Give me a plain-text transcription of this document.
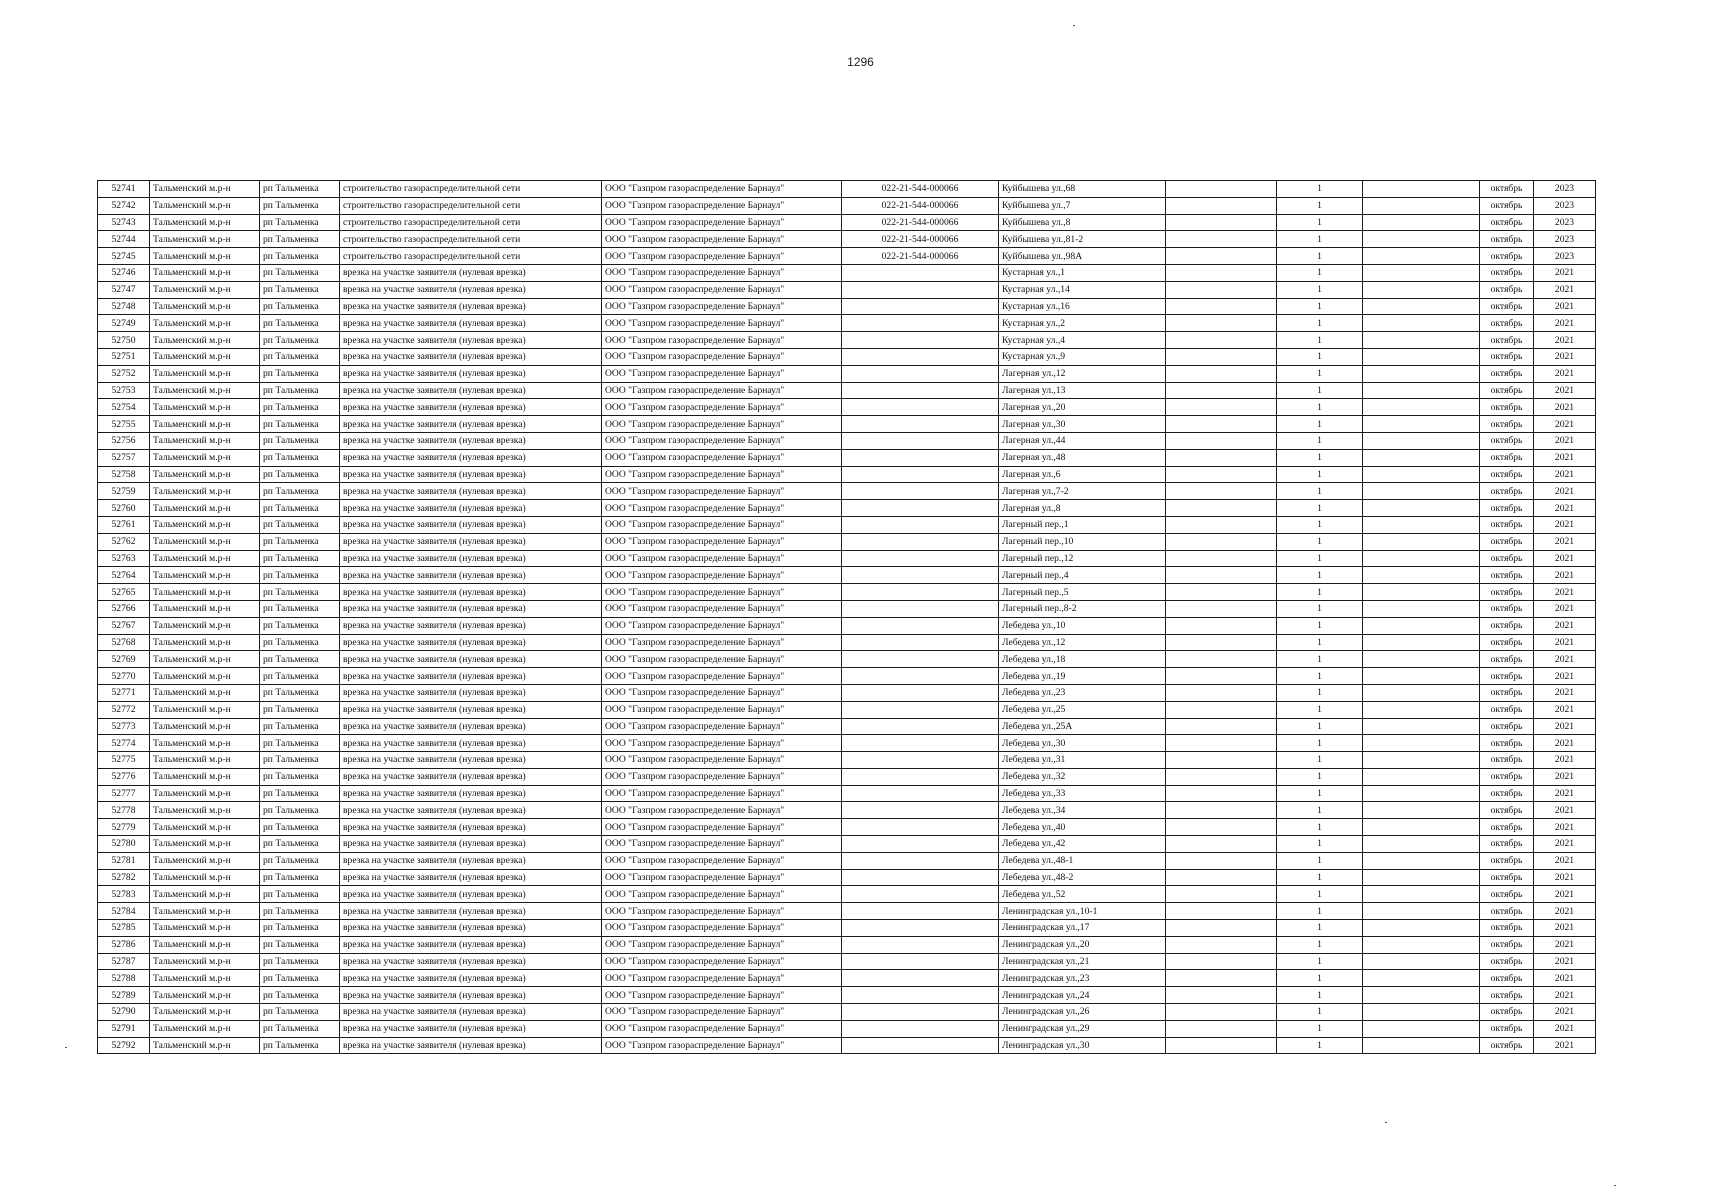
1296
52741	Тальменский м.р-н	рп Тальменка	строительство газораспределительной сети	ООО "Газпром газораспределение Барнаул"	022-21-544-000066	Куйбышева ул.,68		1		октябрь	2023
52742	Тальменский м.р-н	рп Тальменка	строительство газораспределительной сети	ООО "Газпром газораспределение Барнаул"	022-21-544-000066	Куйбышева ул.,7		1		октябрь	2023
52743	Тальменский м.р-н	рп Тальменка	строительство газораспределительной сети	ООО "Газпром газораспределение Барнаул"	022-21-544-000066	Куйбышева ул.,8		1		октябрь	2023
52744	Тальменский м.р-н	рп Тальменка	строительство газораспределительной сети	ООО "Газпром газораспределение Барнаул"	022-21-544-000066	Куйбышева ул.,81-2		1		октябрь	2023
52745	Тальменский м.р-н	рп Тальменка	строительство газораспределительной сети	ООО "Газпром газораспределение Барнаул"	022-21-544-000066	Куйбышева ул.,98А		1		октябрь	2023
52746	Тальменский м.р-н	рп Тальменка	врезка на участке заявителя (нулевая врезка)	ООО "Газпром газораспределение Барнаул"		Кустарная ул.,1		1		октябрь	2021
52747	Тальменский м.р-н	рп Тальменка	врезка на участке заявителя (нулевая врезка)	ООО "Газпром газораспределение Барнаул"		Кустарная ул.,14		1		октябрь	2021
52748	Тальменский м.р-н	рп Тальменка	врезка на участке заявителя (нулевая врезка)	ООО "Газпром газораспределение Барнаул"		Кустарная ул.,16		1		октябрь	2021
52749	Тальменский м.р-н	рп Тальменка	врезка на участке заявителя (нулевая врезка)	ООО "Газпром газораспределение Барнаул"		Кустарная ул.,2		1		октябрь	2021
52750	Тальменский м.р-н	рп Тальменка	врезка на участке заявителя (нулевая врезка)	ООО "Газпром газораспределение Барнаул"		Кустарная ул.,4		1		октябрь	2021
52751	Тальменский м.р-н	рп Тальменка	врезка на участке заявителя (нулевая врезка)	ООО "Газпром газораспределение Барнаул"		Кустарная ул.,9		1		октябрь	2021
52752	Тальменский м.р-н	рп Тальменка	врезка на участке заявителя (нулевая врезка)	ООО "Газпром газораспределение Барнаул"		Лагерная ул.,12		1		октябрь	2021
52753	Тальменский м.р-н	рп Тальменка	врезка на участке заявителя (нулевая врезка)	ООО "Газпром газораспределение Барнаул"		Лагерная ул.,13		1		октябрь	2021
52754	Тальменский м.р-н	рп Тальменка	врезка на участке заявителя (нулевая врезка)	ООО "Газпром газораспределение Барнаул"		Лагерная ул.,20		1		октябрь	2021
52755	Тальменский м.р-н	рп Тальменка	врезка на участке заявителя (нулевая врезка)	ООО "Газпром газораспределение Барнаул"		Лагерная ул.,30		1		октябрь	2021
52756	Тальменский м.р-н	рп Тальменка	врезка на участке заявителя (нулевая врезка)	ООО "Газпром газораспределение Барнаул"		Лагерная ул.,44		1		октябрь	2021
52757	Тальменский м.р-н	рп Тальменка	врезка на участке заявителя (нулевая врезка)	ООО "Газпром газораспределение Барнаул"		Лагерная ул.,48		1		октябрь	2021
52758	Тальменский м.р-н	рп Тальменка	врезка на участке заявителя (нулевая врезка)	ООО "Газпром газораспределение Барнаул"		Лагерная ул.,6		1		октябрь	2021
52759	Тальменский м.р-н	рп Тальменка	врезка на участке заявителя (нулевая врезка)	ООО "Газпром газораспределение Барнаул"		Лагерная ул.,7-2		1		октябрь	2021
52760	Тальменский м.р-н	рп Тальменка	врезка на участке заявителя (нулевая врезка)	ООО "Газпром газораспределение Барнаул"		Лагерная ул.,8		1		октябрь	2021
52761	Тальменский м.р-н	рп Тальменка	врезка на участке заявителя (нулевая врезка)	ООО "Газпром газораспределение Барнаул"		Лагерный пер.,1		1		октябрь	2021
52762	Тальменский м.р-н	рп Тальменка	врезка на участке заявителя (нулевая врезка)	ООО "Газпром газораспределение Барнаул"		Лагерный пер.,10		1		октябрь	2021
52763	Тальменский м.р-н	рп Тальменка	врезка на участке заявителя (нулевая врезка)	ООО "Газпром газораспределение Барнаул"		Лагерный пер.,12		1		октябрь	2021
52764	Тальменский м.р-н	рп Тальменка	врезка на участке заявителя (нулевая врезка)	ООО "Газпром газораспределение Барнаул"		Лагерный пер.,4		1		октябрь	2021
52765	Тальменский м.р-н	рп Тальменка	врезка на участке заявителя (нулевая врезка)	ООО "Газпром газораспределение Барнаул"		Лагерный пер.,5		1		октябрь	2021
52766	Тальменский м.р-н	рп Тальменка	врезка на участке заявителя (нулевая врезка)	ООО "Газпром газораспределение Барнаул"		Лагерный пер.,8-2		1		октябрь	2021
52767	Тальменский м.р-н	рп Тальменка	врезка на участке заявителя (нулевая врезка)	ООО "Газпром газораспределение Барнаул"		Лебедева ул.,10		1		октябрь	2021
52768	Тальменский м.р-н	рп Тальменка	врезка на участке заявителя (нулевая врезка)	ООО "Газпром газораспределение Барнаул"		Лебедева ул.,12		1		октябрь	2021
52769	Тальменский м.р-н	рп Тальменка	врезка на участке заявителя (нулевая врезка)	ООО "Газпром газораспределение Барнаул"		Лебедева ул.,18		1		октябрь	2021
52770	Тальменский м.р-н	рп Тальменка	врезка на участке заявителя (нулевая врезка)	ООО "Газпром газораспределение Барнаул"		Лебедева ул.,19		1		октябрь	2021
52771	Тальменский м.р-н	рп Тальменка	врезка на участке заявителя (нулевая врезка)	ООО "Газпром газораспределение Барнаул"		Лебедева ул.,23		1		октябрь	2021
52772	Тальменский м.р-н	рп Тальменка	врезка на участке заявителя (нулевая врезка)	ООО "Газпром газораспределение Барнаул"		Лебедева ул.,25		1		октябрь	2021
52773	Тальменский м.р-н	рп Тальменка	врезка на участке заявителя (нулевая врезка)	ООО "Газпром газораспределение Барнаул"		Лебедева ул.,25А		1		октябрь	2021
52774	Тальменский м.р-н	рп Тальменка	врезка на участке заявителя (нулевая врезка)	ООО "Газпром газораспределение Барнаул"		Лебедева ул.,30		1		октябрь	2021
52775	Тальменский м.р-н	рп Тальменка	врезка на участке заявителя (нулевая врезка)	ООО "Газпром газораспределение Барнаул"		Лебедева ул.,31		1		октябрь	2021
52776	Тальменский м.р-н	рп Тальменка	врезка на участке заявителя (нулевая врезка)	ООО "Газпром газораспределение Барнаул"		Лебедева ул.,32		1		октябрь	2021
52777	Тальменский м.р-н	рп Тальменка	врезка на участке заявителя (нулевая врезка)	ООО "Газпром газораспределение Барнаул"		Лебедева ул.,33		1		октябрь	2021
52778	Тальменский м.р-н	рп Тальменка	врезка на участке заявителя (нулевая врезка)	ООО "Газпром газораспределение Барнаул"		Лебедева ул.,34		1		октябрь	2021
52779	Тальменский м.р-н	рп Тальменка	врезка на участке заявителя (нулевая врезка)	ООО "Газпром газораспределение Барнаул"		Лебедева ул.,40		1		октябрь	2021
52780	Тальменский м.р-н	рп Тальменка	врезка на участке заявителя (нулевая врезка)	ООО "Газпром газораспределение Барнаул"		Лебедева ул.,42		1		октябрь	2021
52781	Тальменский м.р-н	рп Тальменка	врезка на участке заявителя (нулевая врезка)	ООО "Газпром газораспределение Барнаул"		Лебедева ул.,48-1		1		октябрь	2021
52782	Тальменский м.р-н	рп Тальменка	врезка на участке заявителя (нулевая врезка)	ООО "Газпром газораспределение Барнаул"		Лебедева ул.,48-2		1		октябрь	2021
52783	Тальменский м.р-н	рп Тальменка	врезка на участке заявителя (нулевая врезка)	ООО "Газпром газораспределение Барнаул"		Лебедева ул.,52		1		октябрь	2021
52784	Тальменский м.р-н	рп Тальменка	врезка на участке заявителя (нулевая врезка)	ООО "Газпром газораспределение Барнаул"		Ленинградская ул.,10-1		1		октябрь	2021
52785	Тальменский м.р-н	рп Тальменка	врезка на участке заявителя (нулевая врезка)	ООО "Газпром газораспределение Барнаул"		Ленинградская ул.,17		1		октябрь	2021
52786	Тальменский м.р-н	рп Тальменка	врезка на участке заявителя (нулевая врезка)	ООО "Газпром газораспределение Барнаул"		Ленинградская ул.,20		1		октябрь	2021
52787	Тальменский м.р-н	рп Тальменка	врезка на участке заявителя (нулевая врезка)	ООО "Газпром газораспределение Барнаул"		Ленинградская ул.,21		1		октябрь	2021
52788	Тальменский м.р-н	рп Тальменка	врезка на участке заявителя (нулевая врезка)	ООО "Газпром газораспределение Барнаул"		Ленинградская ул.,23		1		октябрь	2021
52789	Тальменский м.р-н	рп Тальменка	врезка на участке заявителя (нулевая врезка)	ООО "Газпром газораспределение Барнаул"		Ленинградская ул.,24		1		октябрь	2021
52790	Тальменский м.р-н	рп Тальменка	врезка на участке заявителя (нулевая врезка)	ООО "Газпром газораспределение Барнаул"		Ленинградская ул.,26		1		октябрь	2021
52791	Тальменский м.р-н	рп Тальменка	врезка на участке заявителя (нулевая врезка)	ООО "Газпром газораспределение Барнаул"		Ленинградская ул.,29		1		октябрь	2021
52792	Тальменский м.р-н	рп Тальменка	врезка на участке заявителя (нулевая врезка)	ООО "Газпром газораспределение Барнаул"		Ленинградская ул.,30		1		октябрь	2021
